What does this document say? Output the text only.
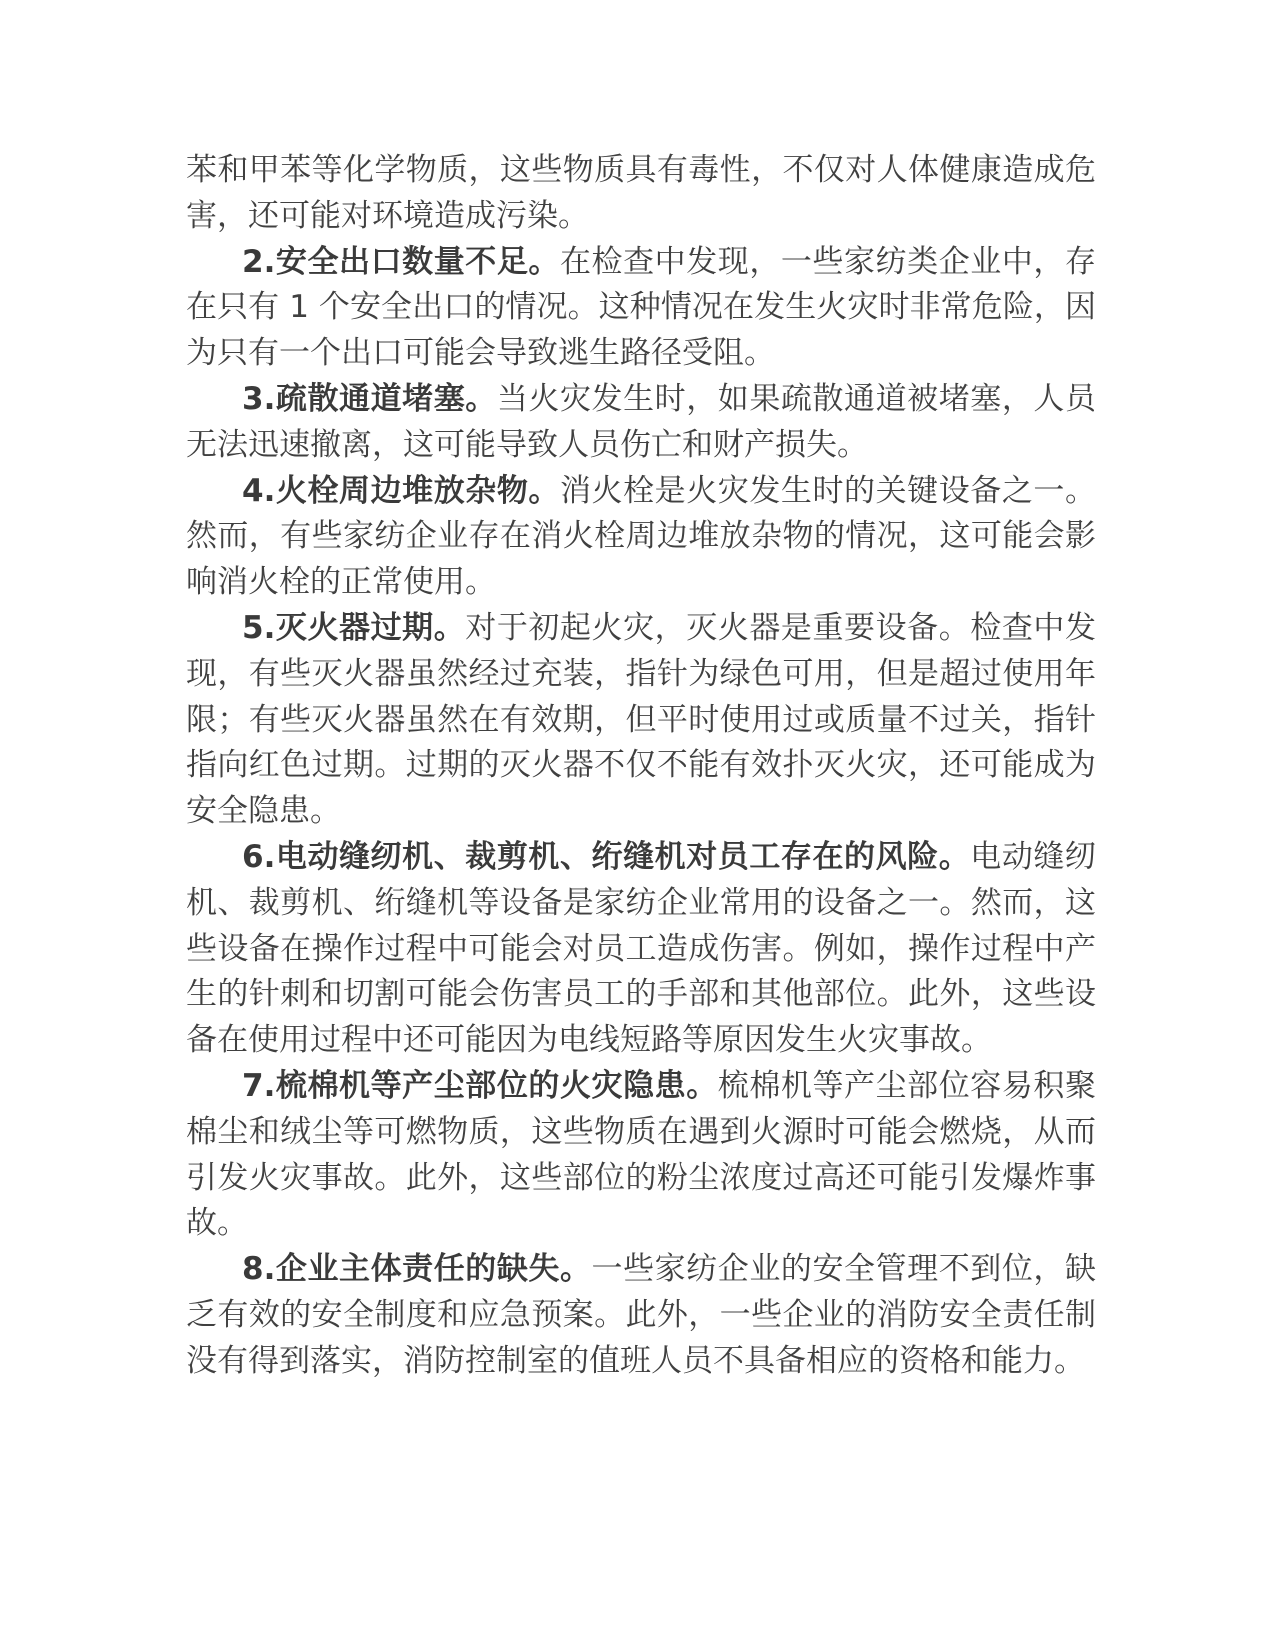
苯和甲苯等化学物质，这些物质具有毒性，不仅对人体健康造成危害，还可能对环境造成污染。

2.安全出口数量不足。在检查中发现，一些家纺类企业中，存在只有 1 个安全出口的情况。这种情况在发生火灾时非常危险，因为只有一个出口可能会导致逃生路径受阻。

3.疏散通道堵塞。当火灾发生时，如果疏散通道被堵塞，人员无法迅速撤离，这可能导致人员伤亡和财产损失。

4.火栓周边堆放杂物。消火栓是火灾发生时的关键设备之一。然而，有些家纺企业存在消火栓周边堆放杂物的情况，这可能会影响消火栓的正常使用。

5.灭火器过期。对于初起火灾，灭火器是重要设备。检查中发现，有些灭火器虽然经过充装，指针为绿色可用，但是超过使用年限；有些灭火器虽然在有效期，但平时使用过或质量不过关，指针指向红色过期。过期的灭火器不仅不能有效扑灭火灾，还可能成为安全隐患。

6.电动缝纫机、裁剪机、绗缝机对员工存在的风险。电动缝纫机、裁剪机、绗缝机等设备是家纺企业常用的设备之一。然而，这些设备在操作过程中可能会对员工造成伤害。例如，操作过程中产生的针刺和切割可能会伤害员工的手部和其他部位。此外，这些设备在使用过程中还可能因为电线短路等原因发生火灾事故。

7.梳棉机等产尘部位的火灾隐患。梳棉机等产尘部位容易积聚棉尘和绒尘等可燃物质，这些物质在遇到火源时可能会燃烧，从而引发火灾事故。此外，这些部位的粉尘浓度过高还可能引发爆炸事故。

8.企业主体责任的缺失。一些家纺企业的安全管理不到位，缺乏有效的安全制度和应急预案。此外，一些企业的消防安全责任制没有得到落实，消防控制室的值班人员不具备相应的资格和能力。
